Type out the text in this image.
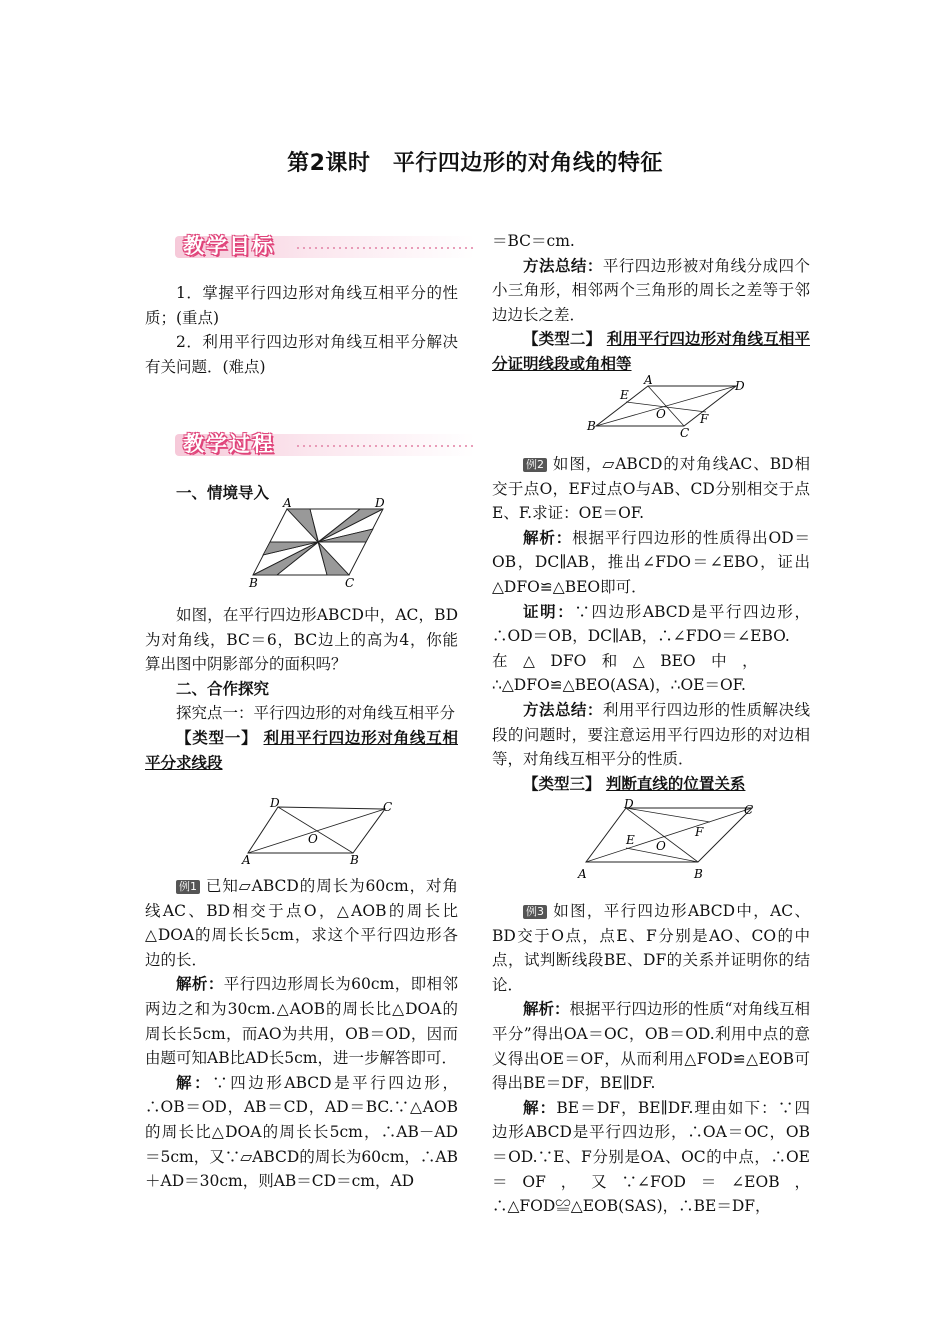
第2课时　平行四边形的对角线的特征
教学目标
教学过程

1．掌握平行四边形对角线互相平分的性质；(重点)

2．利用平行四边形对角线互相平分解决有关问题．(难点)

一、情境导入

A	D
B	C

如图，在平行四边形ABCD中，AC，BD为对角线，BC＝6，BC边上的高为4，你能算出图中阴影部分的面积吗？

二、合作探究

探究点一：平行四边形的对角线互相平分

【类型一】 利用平行四边形对角线互相平分求线段

D	C
O
A	B

例1 已知▱ABCD的周长为60cm，对角线AC、BD相交于点O，△AOB的周长比△DOA的周长长5cm，求这个平行四边形各边的长．

解析：平行四边形周长为60cm，即相邻两边之和为30cm.△AOB的周长比△DOA的周长长5cm，而AO为共用，OB＝OD，因而由题可知AB比AD长5cm，进一步解答即可．

解：∵四边形ABCD是平行四边形，∴OB＝OD，AB＝CD，AD＝BC.∵△AOB的周长比△DOA的周长长5cm，∴AB－AD＝5cm，又∵▱ABCD的周长为60cm，∴AB＋AD＝30cm，则AB＝CD＝cm，AD

＝BC＝cm.

方法总结：平行四边形被对角线分成四个小三角形，相邻两个三角形的周长之差等于邻边边长之差．

【类型二】 利用平行四边形对角线互相平分证明线段或角相等

A	D
E
O	F
B	C

例2 如图，▱ABCD的对角线AC、BD相交于点O，EF过点O与AB、CD分别相交于点E、F.求证：OE＝OF.

解析：根据平行四边形的性质得出OD＝OB，DC∥AB，推出∠FDO＝∠EBO，证出△DFO≌△BEO即可．

证明：∵四边形ABCD是平行四边形，∴OD＝OB，DC∥AB，∴∠FDO＝∠EBO.

在　△　DFO　和　△　BEO　中　，

∴△DFO≌△BEO(ASA)，∴OE＝OF.

方法总结：利用平行四边形的性质解决线段的问题时，要注意运用平行四边形的对边相等，对角线互相平分的性质．

【类型三】 判断直线的位置关系

D	C
F
E O
A	B

例3 如图，平行四边形ABCD中，AC、BD交于O点，点E、F分别是AO、CO的中点，试判断线段BE、DF的关系并证明你的结论．

解析：根据平行四边形的性质“对角线互相平分”得出OA＝OC，OB＝OD.利用中点的意义得出OE＝OF，从而利用△FOD≌△EOB可得出BE＝DF，BE∥DF.

解：BE＝DF，BE∥DF.理由如下：∵四边形ABCD是平行四边形，∴OA＝OC，OB＝OD.∵E、F分别是OA、OC的中点，∴OE＝OF，又∵∠FOD＝∠EOB，∴△FOD≌△EOB(SAS)，∴BE＝DF，
